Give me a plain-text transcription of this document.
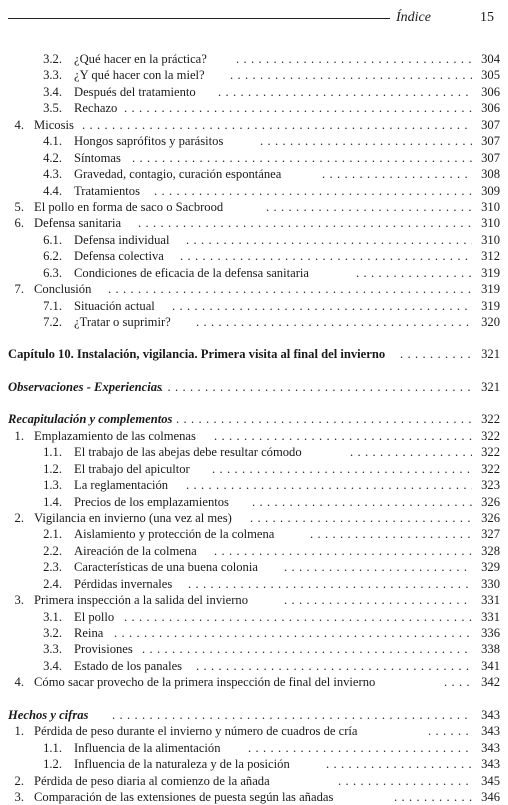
Índice	15
3.2. ¿Qué hacer en la práctica? . . .	304
3.3. ¿Y qué hacer con la miel? . . .	305
3.4. Después del tratamiento . . .	306
3.5. Rechazo . . .	306
4. Micosis . . .	307
4.1. Hongos saprófitos y parásitos . . .	307
4.2. Síntomas . . .	307
4.3. Gravedad, contagio, curación espontánea . . .	308
4.4. Tratamientos . . .	309
5. El pollo en forma de saco o Sacbrood . . .	310
6. Defensa sanitaria . . .	310
6.1. Defensa individual . . .	310
6.2. Defensa colectiva . . .	312
6.3. Condiciones de eficacia de la defensa sanitaria . . .	319
7. Conclusión . . .	319
7.1. Situación actual . . .	319
7.2. ¿Tratar o suprimir? . . .	320
Capítulo 10. Instalación, vigilancia. Primera visita al final del invierno . . .	321
Observaciones - Experiencias . . .	321
Recapitulación y complementos . . .	322
1. Emplazamiento de las colmenas . . .	322
1.1. El trabajo de las abejas debe resultar cómodo . . .	322
1.2. El trabajo del apicultor . . .	322
1.3. La reglamentación . . .	323
1.4. Precios de los emplazamientos . . .	326
2. Vigilancia en invierno (una vez al mes) . . .	326
2.1. Aislamiento y protección de la colmena . . .	327
2.2. Aireación de la colmena . . .	328
2.3. Características de una buena colonia . . .	329
2.4. Pérdidas invernales . . .	330
3. Primera inspección a la salida del invierno . . .	331
3.1. El pollo . . .	331
3.2. Reina . . .	336
3.3. Provisiones . . .	338
3.4. Estado de los panales . . .	341
4. Cómo sacar provecho de la primera inspección de final del invierno . . .	342
Hechos y cifras . . .	343
1. Pérdida de peso durante el invierno y número de cuadros de cría . . .	343
1.1. Influencia de la alimentación . . .	343
1.2. Influencia de la naturaleza y de la posición . . .	343
2. Pérdida de peso diaria al comienzo de la añada . . .	345
3. Comparación de las extensiones de puesta según las añadas . . .	346
